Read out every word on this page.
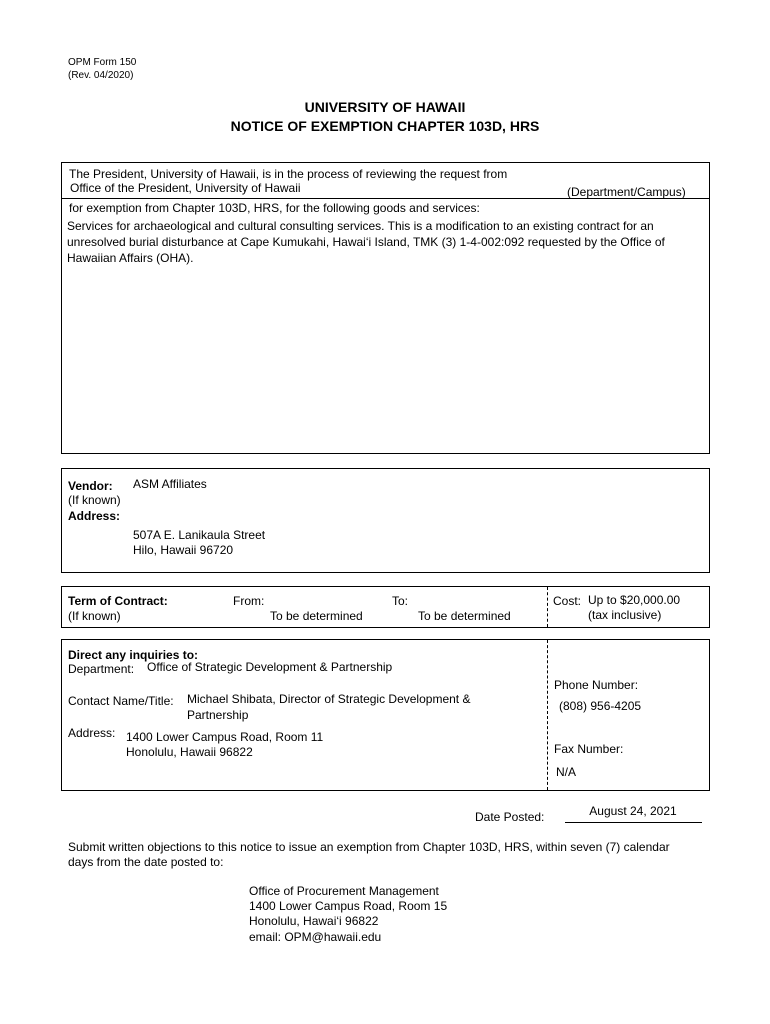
OPM Form 150
(Rev. 04/2020)
UNIVERSITY OF HAWAII
NOTICE OF EXEMPTION CHAPTER 103D, HRS
The President, University of Hawaii, is in the process of reviewing the request from
Office of the President, University of Hawaii	(Department/Campus)
for exemption from Chapter 103D, HRS, for the following goods and services:
Services for archaeological and cultural consulting services. This is a modification to an existing contract for an
unresolved burial disturbance at Cape Kumukahi, Hawai‘i Island, TMK (3) 1-4-002:092 requested by the Office of
Hawaiian Affairs (OHA).
Vendor: ASM Affiliates
(If known)
Address:
507A E. Lanikaula Street
Hilo, Hawaii 96720
Term of Contract:
(If known)
From:
To be determined
To:
To be determined
Cost: Up to $20,000.00
(tax inclusive)
Direct any inquiries to:
Department: Office of Strategic Development & Partnership
Contact Name/Title: Michael Shibata, Director of Strategic Development &
Partnership
Address: 1400 Lower Campus Road, Room 11
Honolulu, Hawaii 96822
Phone Number:
(808) 956-4205
Fax Number:
N/A
Date Posted:	August 24, 2021
Submit written objections to this notice to issue an exemption from Chapter 103D, HRS, within seven (7) calendar
days from the date posted to:
Office of Procurement Management
1400 Lower Campus Road, Room 15
Honolulu, Hawai‘i 96822
email: OPM@hawaii.edu
